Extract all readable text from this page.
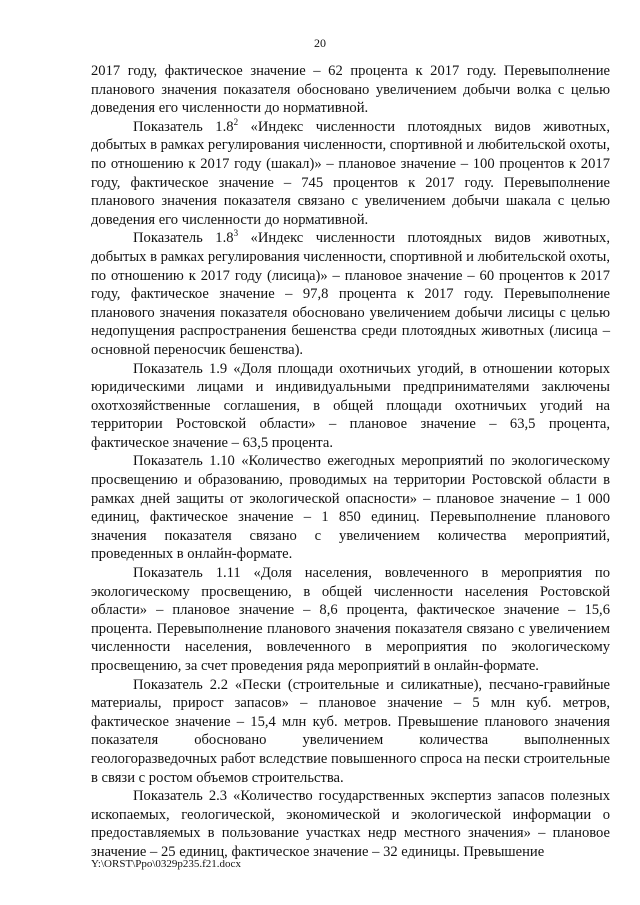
20

2017 году, фактическое значение – 62 процента к 2017 году. Перевыполнение планового значения показателя обосновано увеличением добычи волка с целью доведения его численности до нормативной.

Показатель $1.8^2$ «Индекс численности плотоядных видов животных, добытых в рамках регулирования численности, спортивной и любительской охоты, по отношению к 2017 году (шакал)» – плановое значение – 100 процентов к 2017 году, фактическое значение – 745 процентов к 2017 году. Перевыполнение планового значения показателя связано с увеличением добычи шакала с целью доведения его численности до нормативной.

Показатель $1.8^3$ «Индекс численности плотоядных видов животных, добытых в рамках регулирования численности, спортивной и любительской охоты, по отношению к 2017 году (лисица)» – плановое значение – 60 процентов к 2017 году, фактическое значение – 97,8 процента к 2017 году. Перевыполнение планового значения показателя обосновано увеличением добычи лисицы с целью недопущения распространения бешенства среди плотоядных животных (лисица – основной переносчик бешенства).

Показатель 1.9 «Доля площади охотничьих угодий, в отношении которых юридическими лицами и индивидуальными предпринимателями заключены охотхозяйственные соглашения, в общей площади охотничьих угодий на территории Ростовской области» – плановое значение – 63,5 процента, фактическое значение – 63,5 процента.

Показатель 1.10 «Количество ежегодных мероприятий по экологическому просвещению и образованию, проводимых на территории Ростовской области в рамках дней защиты от экологической опасности» – плановое значение – 1 000 единиц, фактическое значение – 1 850 единиц. Перевыполнение планового значения показателя связано с увеличением количества мероприятий, проведенных в онлайн-формате.

Показатель 1.11 «Доля населения, вовлеченного в мероприятия по экологическому просвещению, в общей численности населения Ростовской области» – плановое значение – 8,6 процента, фактическое значение – 15,6 процента. Перевыполнение планового значения показателя связано с увеличением численности населения, вовлеченного в мероприятия по экологическому просвещению, за счет проведения ряда мероприятий в онлайн-формате.

Показатель 2.2 «Пески (строительные и силикатные), песчано-гравийные материалы, прирост запасов» – плановое значение – 5 млн куб. метров, фактическое значение – 15,4 млн куб. метров. Превышение планового значения показателя обосновано увеличением количества выполненных геологоразведочных работ вследствие повышенного спроса на пески строительные в связи с ростом объемов строительства.

Показатель 2.3 «Количество государственных экспертиз запасов полезных ископаемых, геологической, экономической и экологической информации о предоставляемых в пользование участках недр местного значения» – плановое значение – 25 единиц, фактическое значение – 32 единицы. Превышение

Y:\ORST\Ppo\0329p235.f21.docx
